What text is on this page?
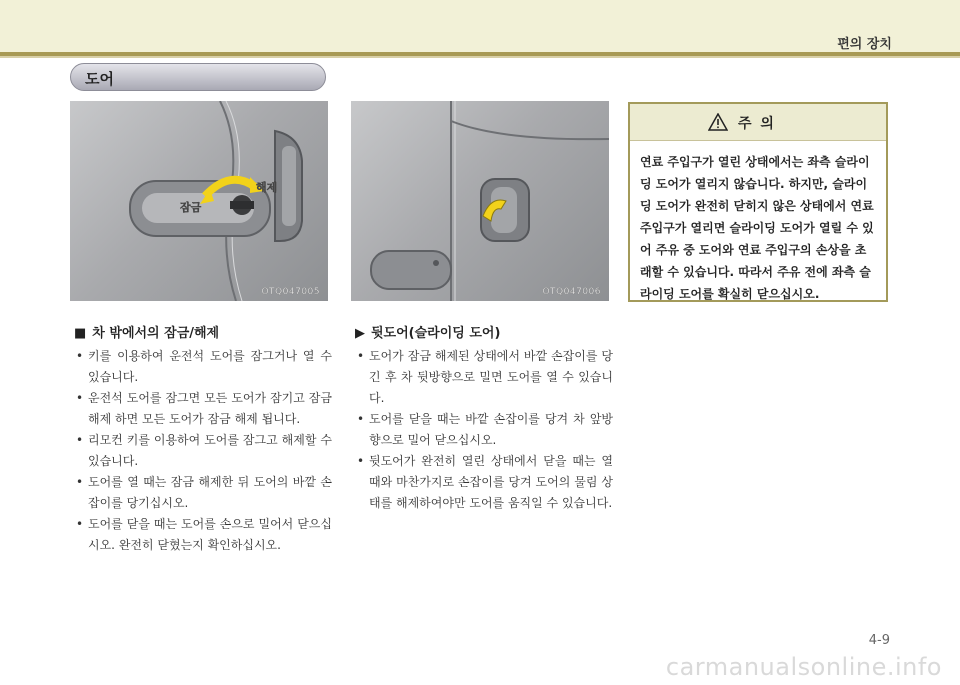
편의 장치
도어
잠금
해제
OTQ047005	OTQ047006
주 의
연료 주입구가 열린 상태에서는 좌측 슬라이딩 도어가 열리지 않습니다. 하지만, 슬라이딩 도어가 완전히 닫히지 않은 상태에서 연료 주입구가 열리면 슬라이딩 도어가 열릴 수 있어 주유 중 도어와 연료 주입구의 손상을 초래할 수 있습니다. 따라서 주유 전에 좌측 슬라이딩 도어를 확실히 닫으십시오.
■ 차 밖에서의 잠금/해제
• 키를 이용하여 운전석 도어를 잠그거나 열 수 있습니다.
• 운전석 도어를 잠그면 모든 도어가 잠기고 잠금 해제 하면 모든 도어가 잠금 해제 됩니다.
• 리모컨 키를 이용하여 도어를 잠그고 해제할 수 있습니다.
• 도어를 열 때는 잠금 해제한 뒤 도어의 바깥 손잡이를 당기십시오.
• 도어를 닫을 때는 도어를 손으로 밀어서 닫으십시오. 완전히 닫혔는지 확인하십시오.
▶ 뒷도어(슬라이딩 도어)
• 도어가 잠금 해제된 상태에서 바깥 손잡이를 당긴 후 차 뒷방향으로 밀면 도어를 열 수 있습니다.
• 도어를 닫을 때는 바깥 손잡이를 당겨 차 앞방향으로 밀어 닫으십시오.
• 뒷도어가 완전히 열린 상태에서 닫을 때는 열 때와 마찬가지로 손잡이를 당겨 도어의 물림 상태를 해제하여야만 도어를 움직일 수 있습니다.
4-9
carmanualsonline.info
